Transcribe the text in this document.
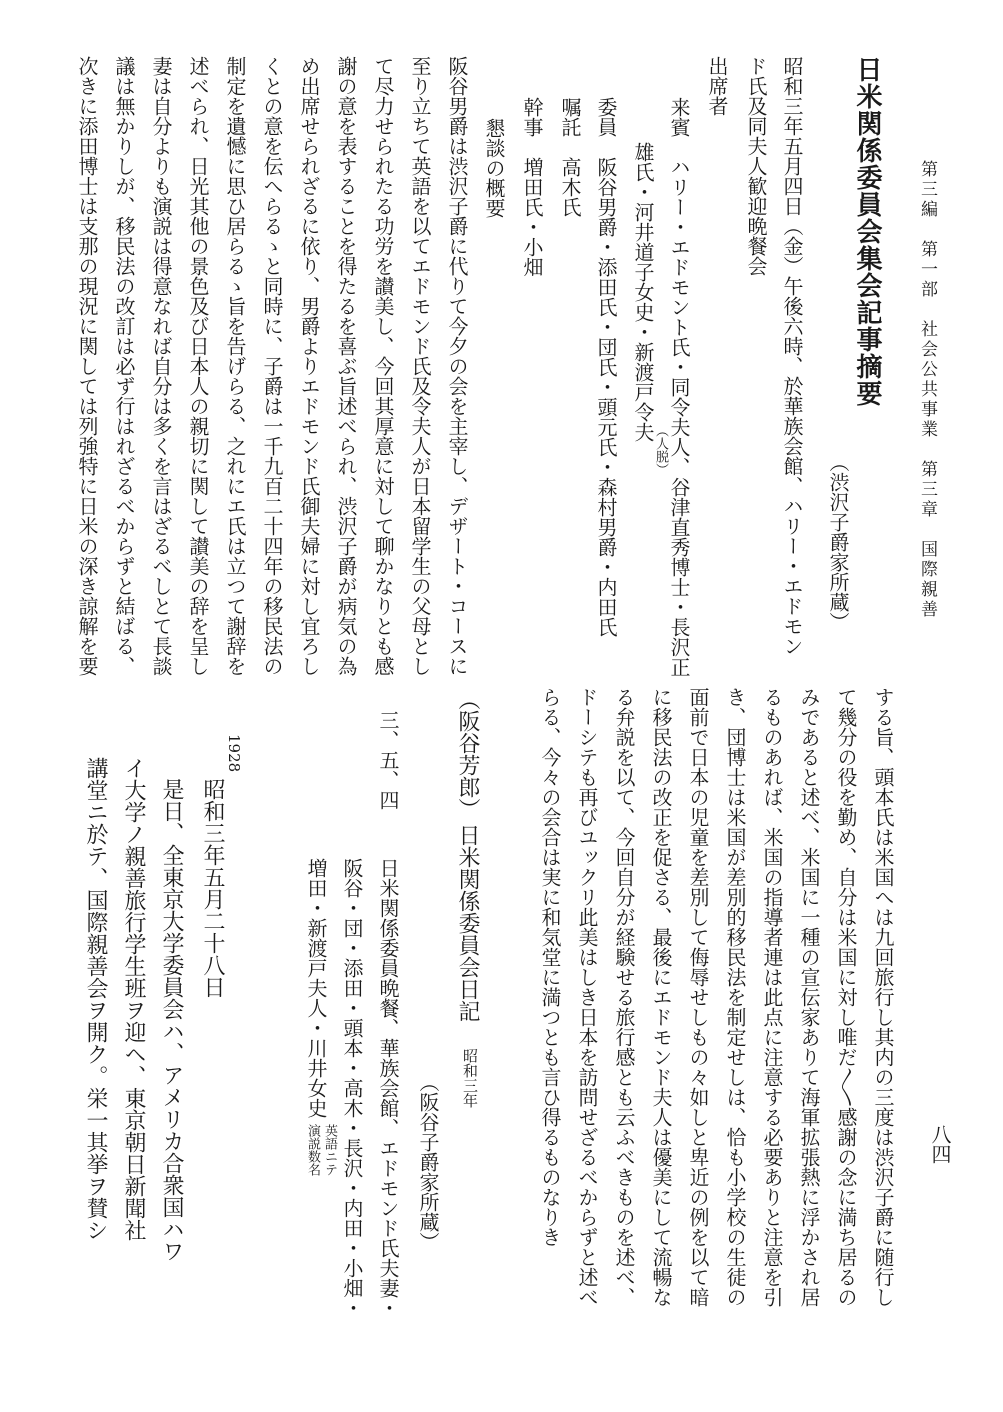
第三編　第一部　社会公共事業　第三章　国際親善
八四
日米関係委員会集会記事摘要
（渋沢子爵家所蔵）
昭和三年五月四日（金）午後六時、於華族会館、ハリー・エドモン
ド氏及同夫人歓迎晩餐会
出席者
来賓　ハリー・エドモント氏・同令夫人、谷津直秀博士・長沢正
雄氏・河井道子女史・新渡戸令夫
（人脱）
委員　阪谷男爵・添田氏・団氏・頭元氏・森村男爵・内田氏
嘱託　高木氏
幹事　増田氏・小畑
懇談の概要
阪谷男爵は渋沢子爵に代りて今夕の会を主宰し、デザート・コースに
至り立ちて英語を以てエドモンド氏及令夫人が日本留学生の父母とし
て尽力せられたる功労を讃美し、今回其厚意に対して聊かなりとも感
謝の意を表することを得たるを喜ぶ旨述べられ、渋沢子爵が病気の為
め出席せられざるに依り、男爵よりエドモンド氏御夫婦に対し宜ろし
くとの意を伝へらるゝと同時に、子爵は一千九百二十四年の移民法の
制定を遺憾に思ひ居らるゝ旨を告げらる、之れにエ氏は立つて謝辞を
述べられ、日光其他の景色及び日本人の親切に関して讃美の辞を呈し
妻は自分よりも演説は得意なれば自分は多くを言はざるべしとて長談
議は無かりしが、移民法の改訂は必ず行はれざるべからずと結ばる、
次きに添田博士は支那の現況に関しては列強特に日米の深き諒解を要
する旨、頭本氏は米国へは九回旅行し其内の三度は渋沢子爵に随行し
て幾分の役を勤め、自分は米国に対し唯だ〳〵感謝の念に満ち居るの
みであると述べ、米国に一種の宣伝家ありて海軍拡張熱に浮かされ居
るものあれば、米国の指導者連は此点に注意する必要ありと注意を引
き、団博士は米国が差別的移民法を制定せしは、恰も小学校の生徒の
面前で日本の児童を差別して侮辱せしもの々如しと卑近の例を以て暗
に移民法の改正を促さる、最後にエドモンド夫人は優美にして流暢な
る弁説を以て、今回自分が経験せる旅行感とも云ふべきものを述べ、
ドーシテも再びユックリ此美はしき日本を訪問せざるべからずと述べ
らる、今々の会合は実に和気堂に満つとも言ひ得るものなりき
（阪谷芳郎）
日米関係委員会日記
昭和三年
（阪谷子爵家所蔵）
三、五、四
日米関係委員晩餐、華族会館、エドモンド氏夫妻・
阪谷・団・添田・頭本・高木・長沢・内田・小畑・
増田・新渡戸夫人・川井女史
英語ニテ
演説数名
1928
昭和三年五月二十八日
是日、全東京大学委員会ハ、アメリカ合衆国ハワ
イ大学ノ親善旅行学生班ヲ迎ヘ、東京朝日新聞社
講堂ニ於テ、国際親善会ヲ開ク。栄一其挙ヲ賛シ
